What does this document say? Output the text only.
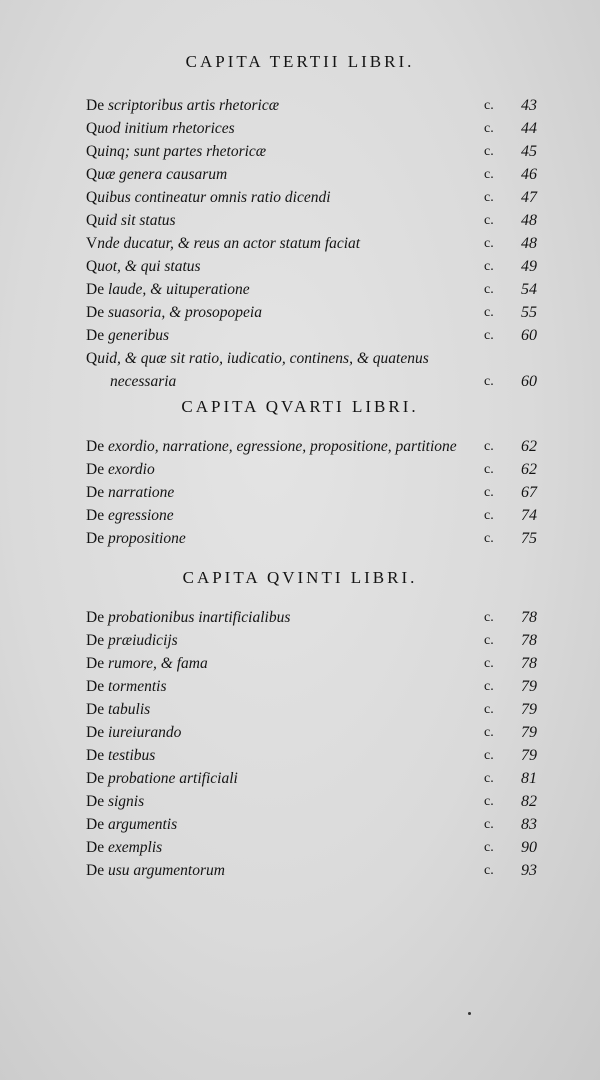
CAPITA TERTII LIBRI.
De scriptoribus artis rhetoricæ	c. 43
Quod initium rhetorices	c. 44
Quinq; sunt partes rhetoricæ	c. 45
Quæ genera causarum	c. 46
Quibus contineatur omnis ratio dicendi	c. 47
Quid sit status	c. 48
Vnde ducatur, & reus an actor statum faciat	c. 48
Quot, & qui status	c. 49
De laude, & uituperatione	c. 54
De suasoria, & prosopopeia	c. 55
De generibus	c. 60
Quid, & quæ sit ratio, iudicatio, continens, & quatenus
necessaria	c. 60
CAPITA QVARTI LIBRI.
De exordio, narratione, egressione, propositione, partitione c. 62
De exordio	c. 62
De narratione	c. 67
De egressione	c. 74
De propositione	c. 75
CAPITA QVINTI LIBRI.
De probationibus inartificialibus	c. 78
De præiudicijs	c. 78
De rumore, & fama	c. 78
De tormentis	c. 79
De tabulis	c. 79
De iureiurando	c. 79
De testibus	c. 79
De probatione artificiali	c. 81
De signis	c. 82
De argumentis	c. 83
De exemplis	c. 90
De usu argumentorum	c. 93
